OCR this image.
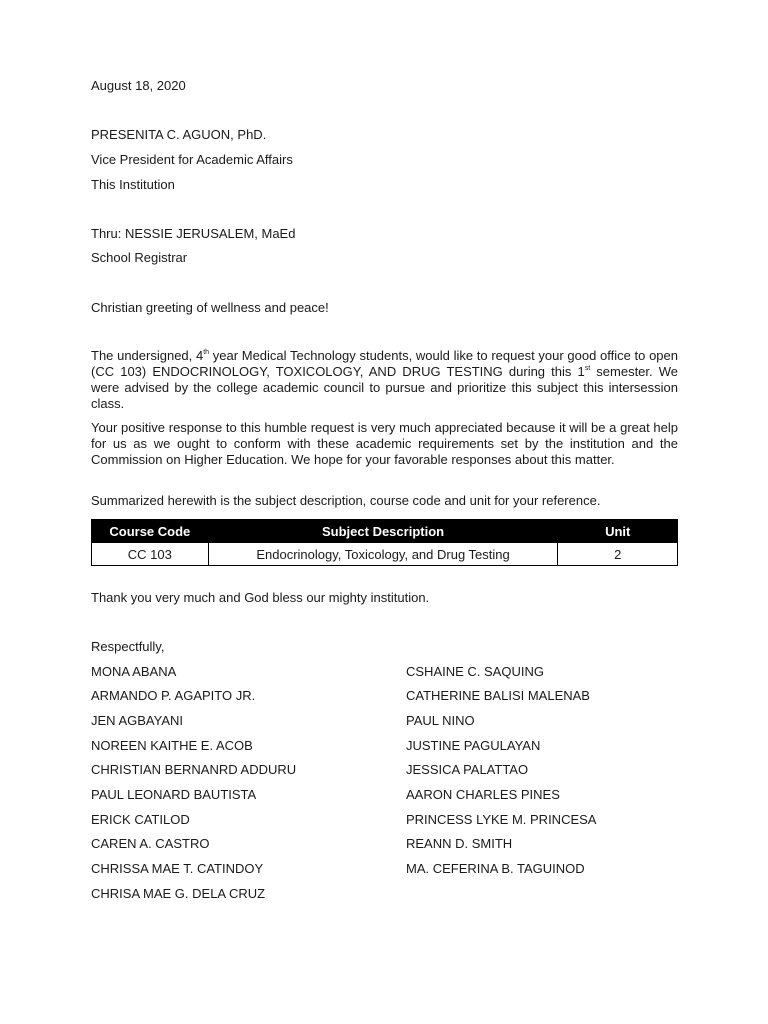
August 18, 2020
PRESENITA C. AGUON, PhD.
Vice President for Academic Affairs
This Institution
Thru: NESSIE JERUSALEM, MaEd
School Registrar
Christian greeting of wellness and peace!
The undersigned, 4th year Medical Technology students, would like to request your good office to open (CC 103) ENDOCRINOLOGY, TOXICOLOGY, AND DRUG TESTING during this 1st semester. We were advised by the college academic council to pursue and prioritize this subject this intersession class.
Your positive response to this humble request is very much appreciated because it will be a great help for us as we ought to conform with these academic requirements set by the institution and the Commission on Higher Education. We hope for your favorable responses about this matter.
Summarized herewith is the subject description, course code and unit for your reference.
Course Code	Subject Description	Unit
CC 103	Endocrinology, Toxicology, and Drug Testing	2
Thank you very much and God bless our mighty institution.
Respectfully,
MONA ABANA
ARMANDO P. AGAPITO JR.
JEN AGBAYANI
NOREEN KAITHE E. ACOB
CHRISTIAN BERNANRD ADDURU
PAUL LEONARD BAUTISTA
ERICK CATILOD
CAREN A. CASTRO
CHRISSA MAE T. CATINDOY
CHRISA MAE G. DELA CRUZ
CSHAINE C. SAQUING
CATHERINE BALISI MALENAB
PAUL NINO
JUSTINE PAGULAYAN
JESSICA PALATTAO
AARON CHARLES PINES
PRINCESS LYKE M. PRINCESA
REANN D. SMITH
MA. CEFERINA B. TAGUINOD
